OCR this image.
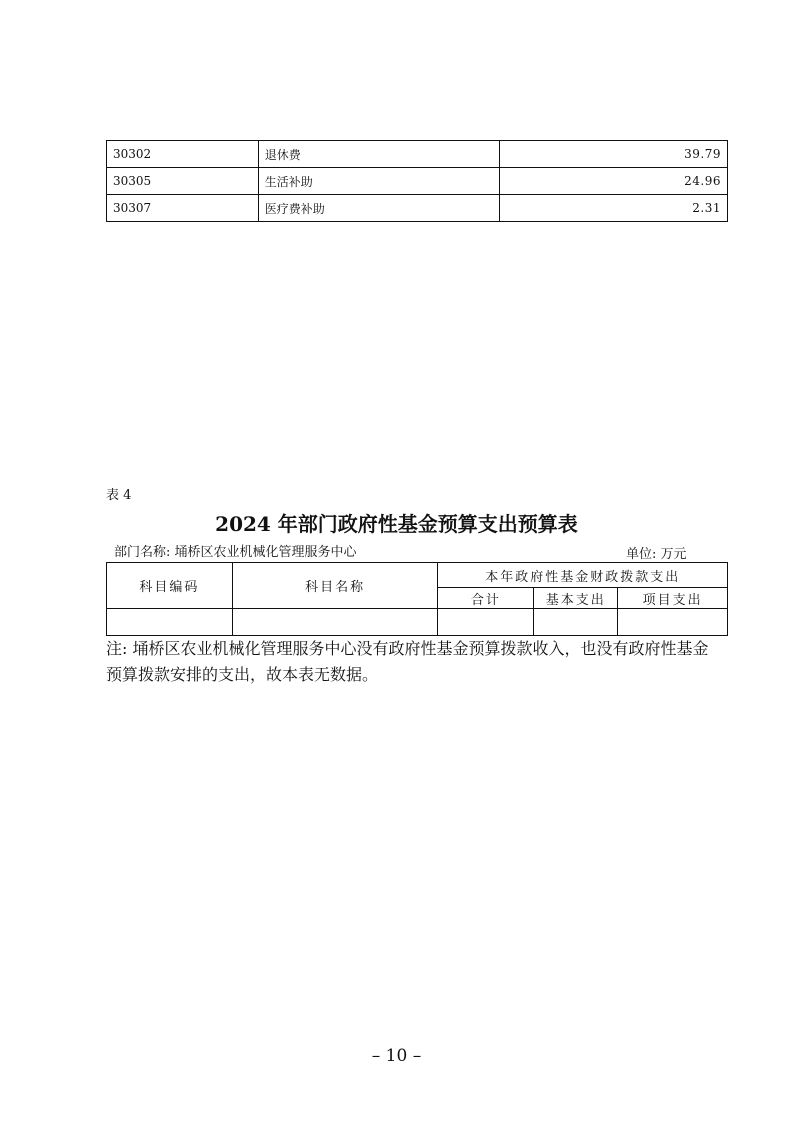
30302	退休费	39.79
30305	生活补助	24.96
30307	医疗费补助	2.31
表 4
2024 年部门政府性基金预算支出预算表
部门名称: 埇桥区农业机械化管理服务中心	单位: 万元
科目编码	科目名称	本年政府性基金财政拨款支出		
		合计	基本支出	项目支出

注: 埇桥区农业机械化管理服务中心没有政府性基金预算拨款收入，也没有政府性基金预算拨款安排的支出，故本表无数据。
– 10 –
